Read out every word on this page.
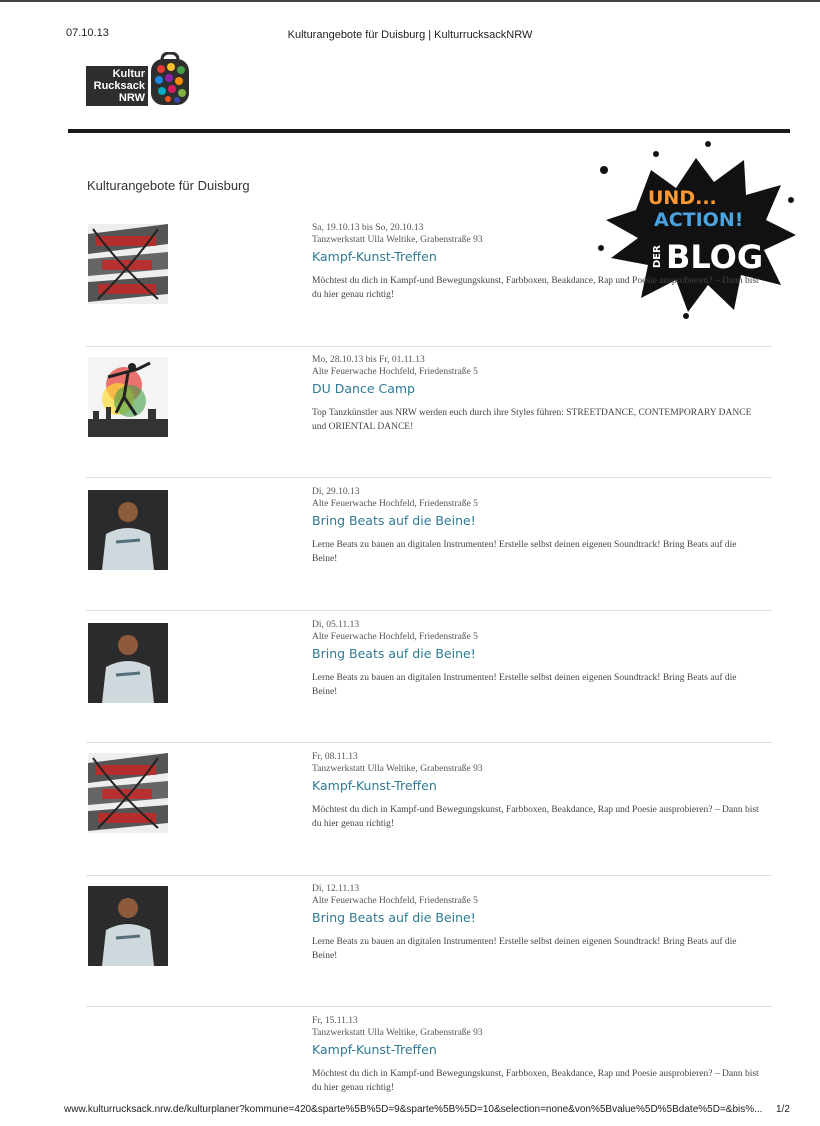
07.10.13	Kulturangebote für Duisburg | KulturrucksackNRW
Kultur
Rucksack
NRW
Kulturangebote für Duisburg
UND...
ACTION!
DER BLOG
Sa, 19.10.13 bis So, 20.10.13
Tanzwerkstatt Ulla Weltike, Grabenstraße 93
Kampf-Kunst-Treffen
Möchtest du dich in Kampf-und Bewegungskunst, Farbboxen, Beakdance, Rap und Poesie ausprobieren? – Dann bist du hier genau richtig!
Mo, 28.10.13 bis Fr, 01.11.13
Alte Feuerwache Hochfeld, Friedenstraße 5
DU Dance Camp
Top Tanzkünstler aus NRW werden euch durch ihre Styles führen: STREETDANCE, CONTEMPORARY DANCE und ORIENTAL DANCE!
Di, 29.10.13
Alte Feuerwache Hochfeld, Friedenstraße 5
Bring Beats auf die Beine!
Lerne Beats zu bauen an digitalen Instrumenten! Erstelle selbst deinen eigenen Soundtrack! Bring Beats auf die Beine!
Di, 05.11.13
Alte Feuerwache Hochfeld, Friedenstraße 5
Bring Beats auf die Beine!
Lerne Beats zu bauen an digitalen Instrumenten! Erstelle selbst deinen eigenen Soundtrack! Bring Beats auf die Beine!
Fr, 08.11.13
Tanzwerkstatt Ulla Weltike, Grabenstraße 93
Kampf-Kunst-Treffen
Möchtest du dich in Kampf-und Bewegungskunst, Farbboxen, Beakdance, Rap und Poesie ausprobieren? – Dann bist du hier genau richtig!
Di, 12.11.13
Alte Feuerwache Hochfeld, Friedenstraße 5
Bring Beats auf die Beine!
Lerne Beats zu bauen an digitalen Instrumenten! Erstelle selbst deinen eigenen Soundtrack! Bring Beats auf die Beine!
Fr, 15.11.13
Tanzwerkstatt Ulla Weltike, Grabenstraße 93
Kampf-Kunst-Treffen
Möchtest du dich in Kampf-und Bewegungskunst, Farbboxen, Beakdance, Rap und Poesie ausprobieren? – Dann bist du hier genau richtig!
www.kulturrucksack.nrw.de/kulturplaner?kommune=420&sparte%5B%5D=9&sparte%5B%5D=10&selection=none&von%5Bvalue%5D%5Bdate%5D=&bis%... 1/2
